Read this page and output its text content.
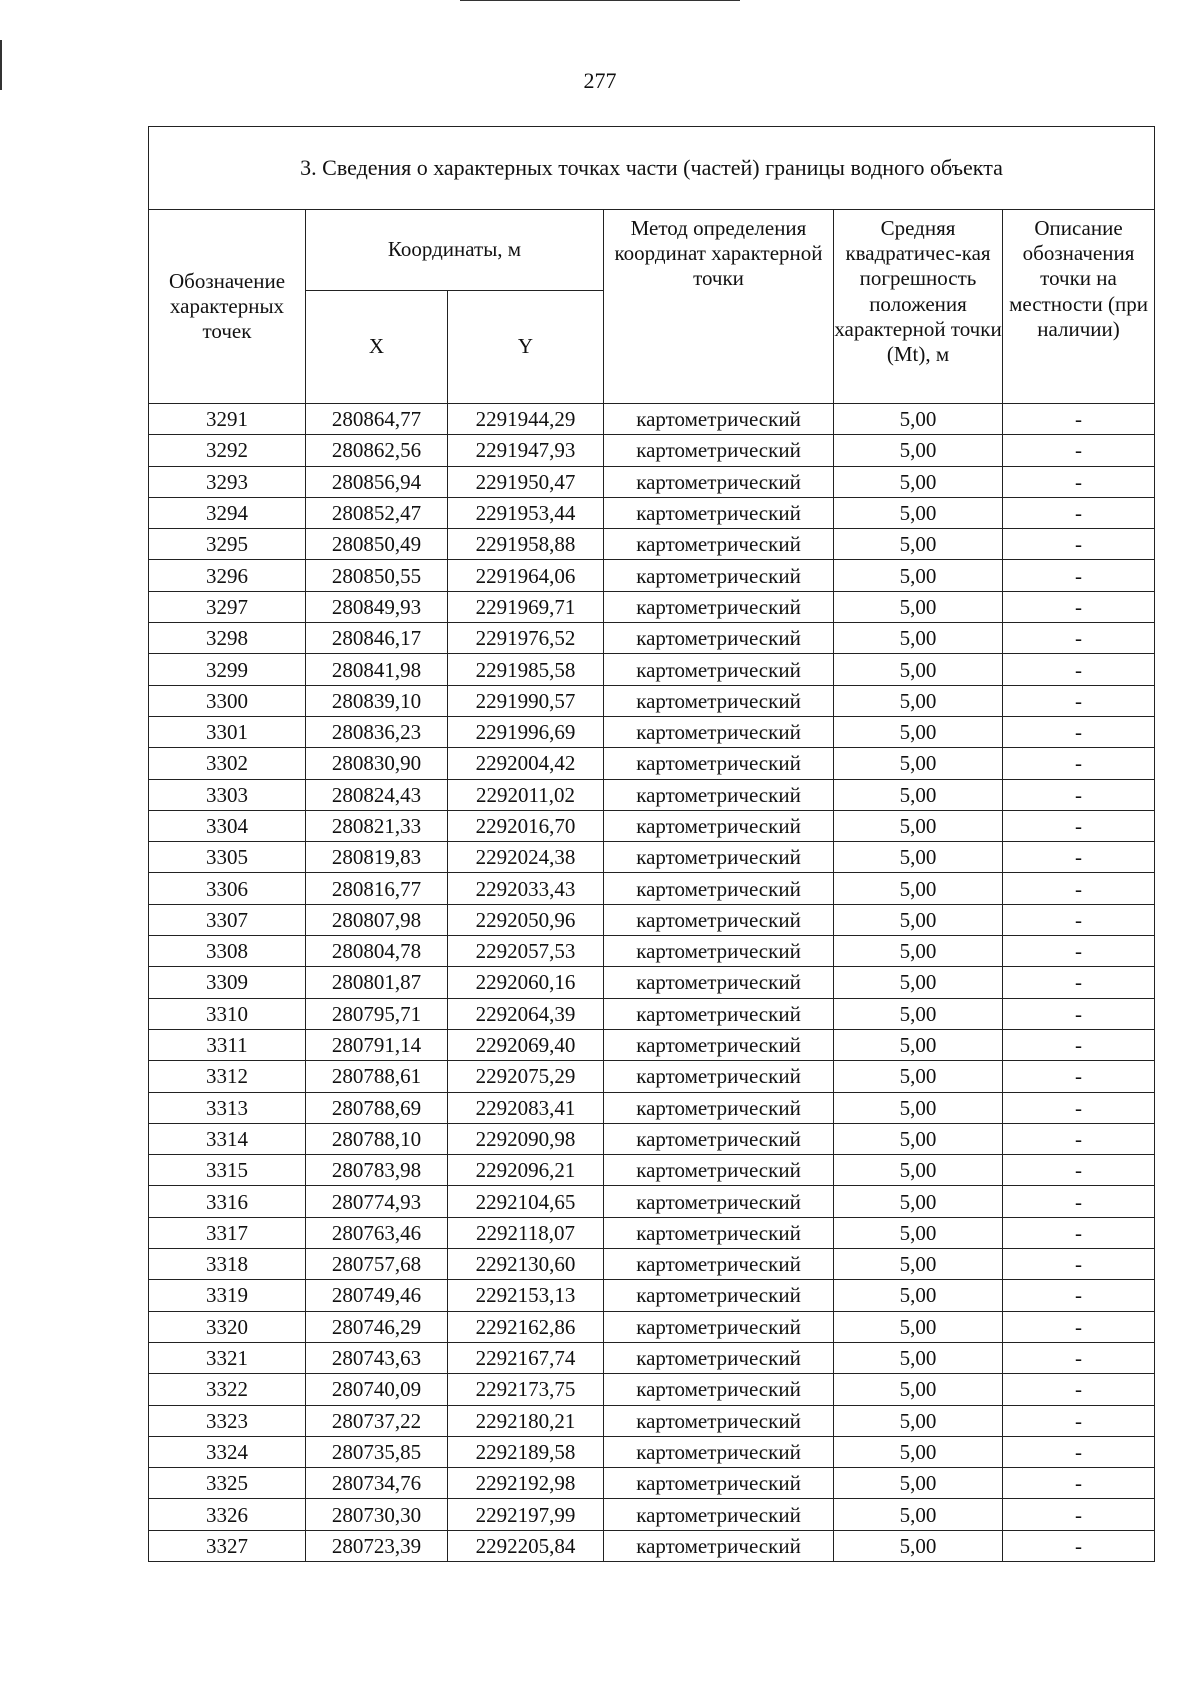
277
3. Сведения о характерных точках части (частей) границы водного объекта					
Обозначение характерных точек	Координаты, м		Метод определения координат характерной точки	Средняя квадратичес-кая погрешность положения характерной точки (Mt), м	Описание обозначения точки на местности (при наличии)
	X	Y			
3291	280864,77	2291944,29	картометрический	5,00	-
3292	280862,56	2291947,93	картометрический	5,00	-
3293	280856,94	2291950,47	картометрический	5,00	-
3294	280852,47	2291953,44	картометрический	5,00	-
3295	280850,49	2291958,88	картометрический	5,00	-
3296	280850,55	2291964,06	картометрический	5,00	-
3297	280849,93	2291969,71	картометрический	5,00	-
3298	280846,17	2291976,52	картометрический	5,00	-
3299	280841,98	2291985,58	картометрический	5,00	-
3300	280839,10	2291990,57	картометрический	5,00	-
3301	280836,23	2291996,69	картометрический	5,00	-
3302	280830,90	2292004,42	картометрический	5,00	-
3303	280824,43	2292011,02	картометрический	5,00	-
3304	280821,33	2292016,70	картометрический	5,00	-
3305	280819,83	2292024,38	картометрический	5,00	-
3306	280816,77	2292033,43	картометрический	5,00	-
3307	280807,98	2292050,96	картометрический	5,00	-
3308	280804,78	2292057,53	картометрический	5,00	-
3309	280801,87	2292060,16	картометрический	5,00	-
3310	280795,71	2292064,39	картометрический	5,00	-
3311	280791,14	2292069,40	картометрический	5,00	-
3312	280788,61	2292075,29	картометрический	5,00	-
3313	280788,69	2292083,41	картометрический	5,00	-
3314	280788,10	2292090,98	картометрический	5,00	-
3315	280783,98	2292096,21	картометрический	5,00	-
3316	280774,93	2292104,65	картометрический	5,00	-
3317	280763,46	2292118,07	картометрический	5,00	-
3318	280757,68	2292130,60	картометрический	5,00	-
3319	280749,46	2292153,13	картометрический	5,00	-
3320	280746,29	2292162,86	картометрический	5,00	-
3321	280743,63	2292167,74	картометрический	5,00	-
3322	280740,09	2292173,75	картометрический	5,00	-
3323	280737,22	2292180,21	картометрический	5,00	-
3324	280735,85	2292189,58	картометрический	5,00	-
3325	280734,76	2292192,98	картометрический	5,00	-
3326	280730,30	2292197,99	картометрический	5,00	-
3327	280723,39	2292205,84	картометрический	5,00	-
